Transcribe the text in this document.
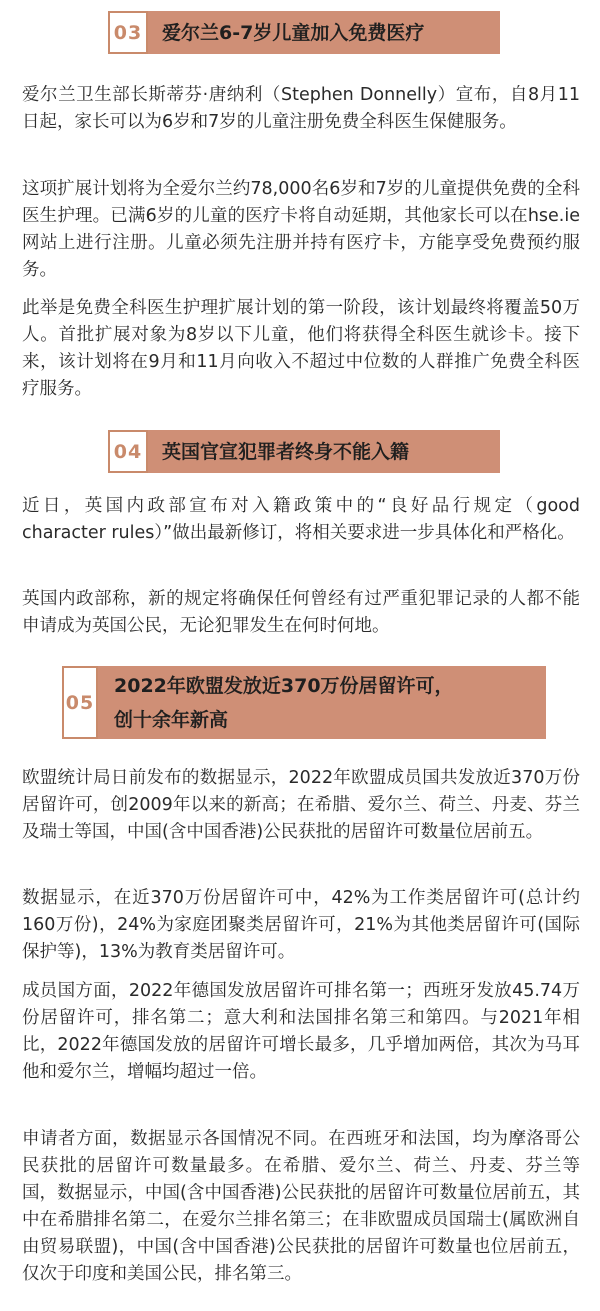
03	爱尔兰6-7岁儿童加入免费医疗

爱尔兰卫生部长斯蒂芬·唐纳利（Stephen Donnelly）宣布，自8月11日起，家长可以为6岁和7岁的儿童注册免费全科医生保健服务。

这项扩展计划将为全爱尔兰约78,000名6岁和7岁的儿童提供免费的全科医生护理。已满6岁的儿童的医疗卡将自动延期，其他家长可以在hse.ie网站上进行注册。儿童必须先注册并持有医疗卡，方能享受免费预约服务。

此举是免费全科医生护理扩展计划的第一阶段，该计划最终将覆盖50万人。首批扩展对象为8岁以下儿童，他们将获得全科医生就诊卡。接下来，该计划将在9月和11月向收入不超过中位数的人群推广免费全科医疗服务。

04	英国官宣犯罪者终身不能入籍

近日，英国内政部宣布对入籍政策中的“良好品行规定（good character rules）”做出最新修订，将相关要求进一步具体化和严格化。

英国内政部称，新的规定将确保任何曾经有过严重犯罪记录的人都不能申请成为英国公民，无论犯罪发生在何时何地。

05
2022年欧盟发放近370万份居留许可，
创十余年新高

欧盟统计局日前发布的数据显示，2022年欧盟成员国共发放近370万份居留许可，创2009年以来的新高；在希腊、爱尔兰、荷兰、丹麦、芬兰及瑞士等国，中国(含中国香港)公民获批的居留许可数量位居前五。

数据显示，在近370万份居留许可中，42%为工作类居留许可(总计约160万份)，24%为家庭团聚类居留许可，21%为其他类居留许可(国际保护等)，13%为教育类居留许可。

成员国方面，2022年德国发放居留许可排名第一；西班牙发放45.74万份居留许可，排名第二；意大利和法国排名第三和第四。与2021年相比，2022年德国发放的居留许可增长最多，几乎增加两倍，其次为马耳他和爱尔兰，增幅均超过一倍。

申请者方面，数据显示各国情况不同。在西班牙和法国，均为摩洛哥公民获批的居留许可数量最多。在希腊、爱尔兰、荷兰、丹麦、芬兰等国，数据显示，中国(含中国香港)公民获批的居留许可数量位居前五，其中在希腊排名第二，在爱尔兰排名第三；在非欧盟成员国瑞士(属欧洲自由贸易联盟)，中国(含中国香港)公民获批的居留许可数量也位居前五，仅次于印度和美国公民，排名第三。
